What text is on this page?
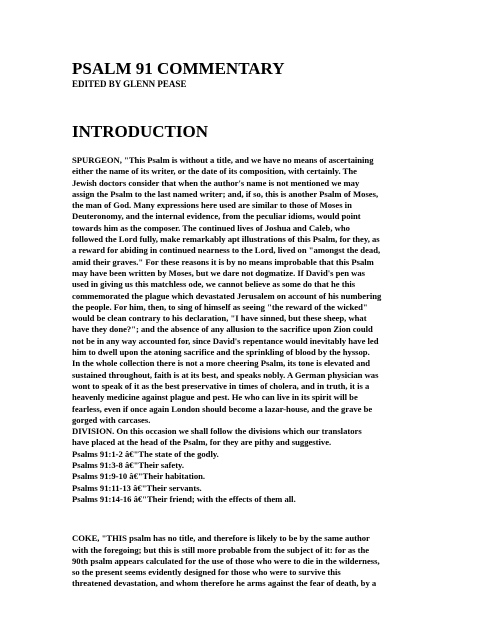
PSALM 91 COMMENTARY
EDITED BY GLENN PEASE
INTRODUCTION
SPURGEON, "This Psalm is without a title, and we have no means of ascertaining
either the name of its writer, or the date of its composition, with certainly. The
Jewish doctors consider that when the author's name is not mentioned we may
assign the Psalm to the last named writer; and, if so, this is another Psalm of Moses,
the man of God. Many expressions here used are similar to those of Moses in
Deuteronomy, and the internal evidence, from the peculiar idioms, would point
towards him as the composer. The continued lives of Joshua and Caleb, who
followed the Lord fully, make remarkably apt illustrations of this Psalm, for they, as
a reward for abiding in continued nearness to the Lord, lived on "amongst the dead,
amid their graves." For these reasons it is by no means improbable that this Psalm
may have been written by Moses, but we dare not dogmatize. If David's pen was
used in giving us this matchless ode, we cannot believe as some do that he this
commemorated the plague which devastated Jerusalem on account of his numbering
the people. For him, then, to sing of himself as seeing "the reward of the wicked"
would be clean contrary to his declaration, "I have sinned, but these sheep, what
have they done?"; and the absence of any allusion to the sacrifice upon Zion could
not be in any way accounted for, since David's repentance would inevitably have led
him to dwell upon the atoning sacrifice and the sprinkling of blood by the hyssop.
In the whole collection there is not a more cheering Psalm, its tone is elevated and
sustained throughout, faith is at its best, and speaks nobly. A German physician was
wont to speak of it as the best preservative in times of cholera, and in truth, it is a
heavenly medicine against plague and pest. He who can live in its spirit will be
fearless, even if once again London should become a lazar-house, and the grave be
gorged with carcases.
DIVISION. On this occasion we shall follow the divisions which our translators
have placed at the head of the Psalm, for they are pithy and suggestive.
Psalms 91:1-2 â€"The state of the godly.
Psalms 91:3-8 â€"Their safety.
Psalms 91:9-10 â€"Their habitation.
Psalms 91:11-13 â€"Their servants.
Psalms 91:14-16 â€"Their friend; with the effects of them all.
COKE, "THIS psalm has no title, and therefore is likely to be by the same author
with the foregoing; but this is still more probable from the subject of it: for as the
90th psalm appears calculated for the use of those who were to die in the wilderness,
so the present seems evidently designed for those who were to survive this
threatened devastation, and whom therefore he arms against the fear of death, by a
